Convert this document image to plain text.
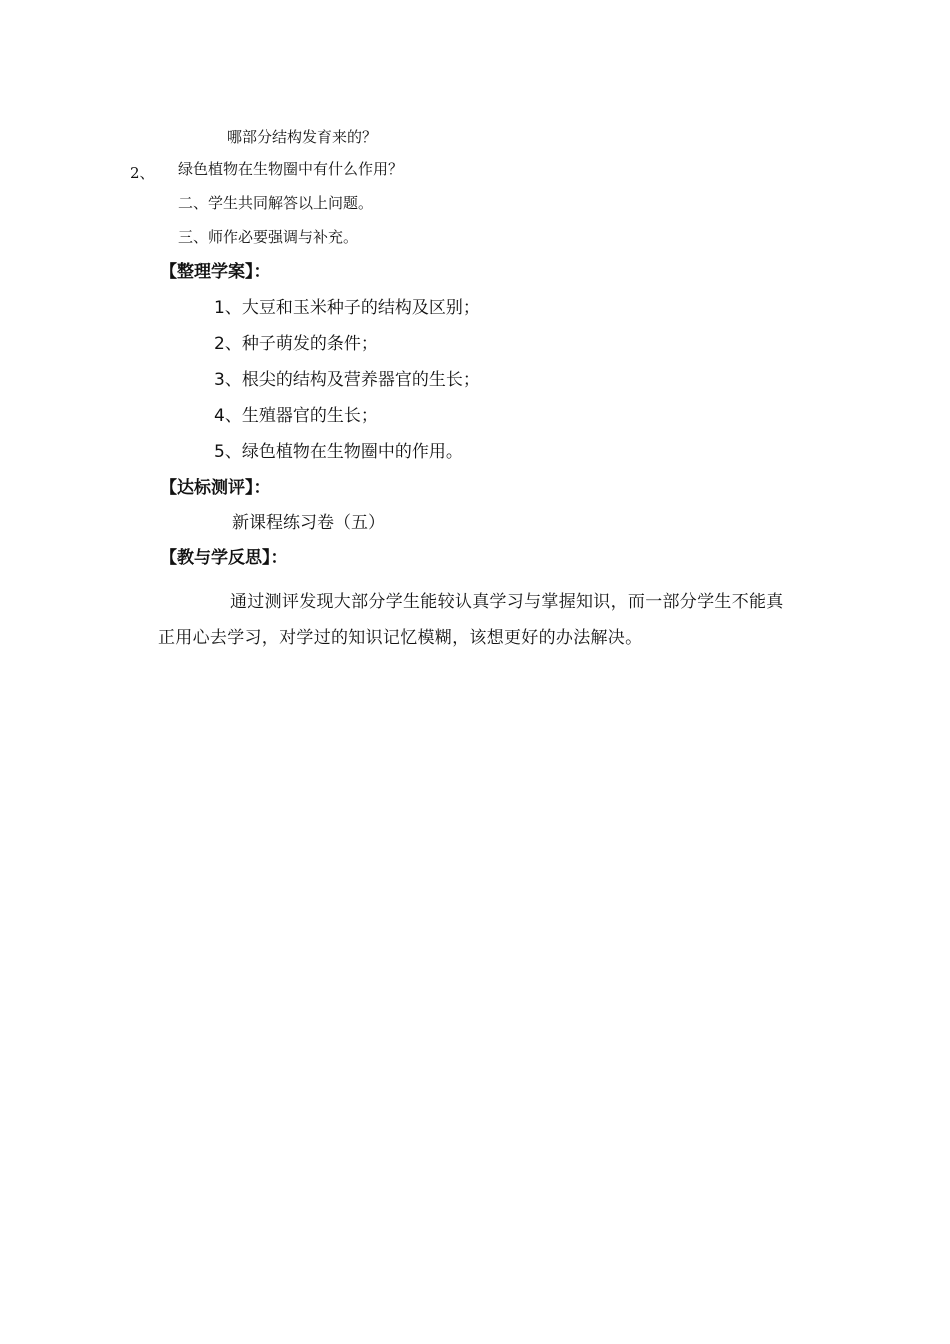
哪部分结构发育来的？
2、 绿色植物在生物圈中有什么作用？
二、学生共同解答以上问题。
三、师作必要强调与补充。
【整理学案】：
1、大豆和玉米种子的结构及区别；
2、种子萌发的条件；
3、根尖的结构及营养器官的生长；
4、生殖器官的生长；
5、绿色植物在生物圈中的作用。
【达标测评】：
新课程练习卷（五）
【教与学反思】：
通过测评发现大部分学生能较认真学习与掌握知识，而一部分学生不能真正用心去学习，对学过的知识记忆模糊，该想更好的办法解决。
